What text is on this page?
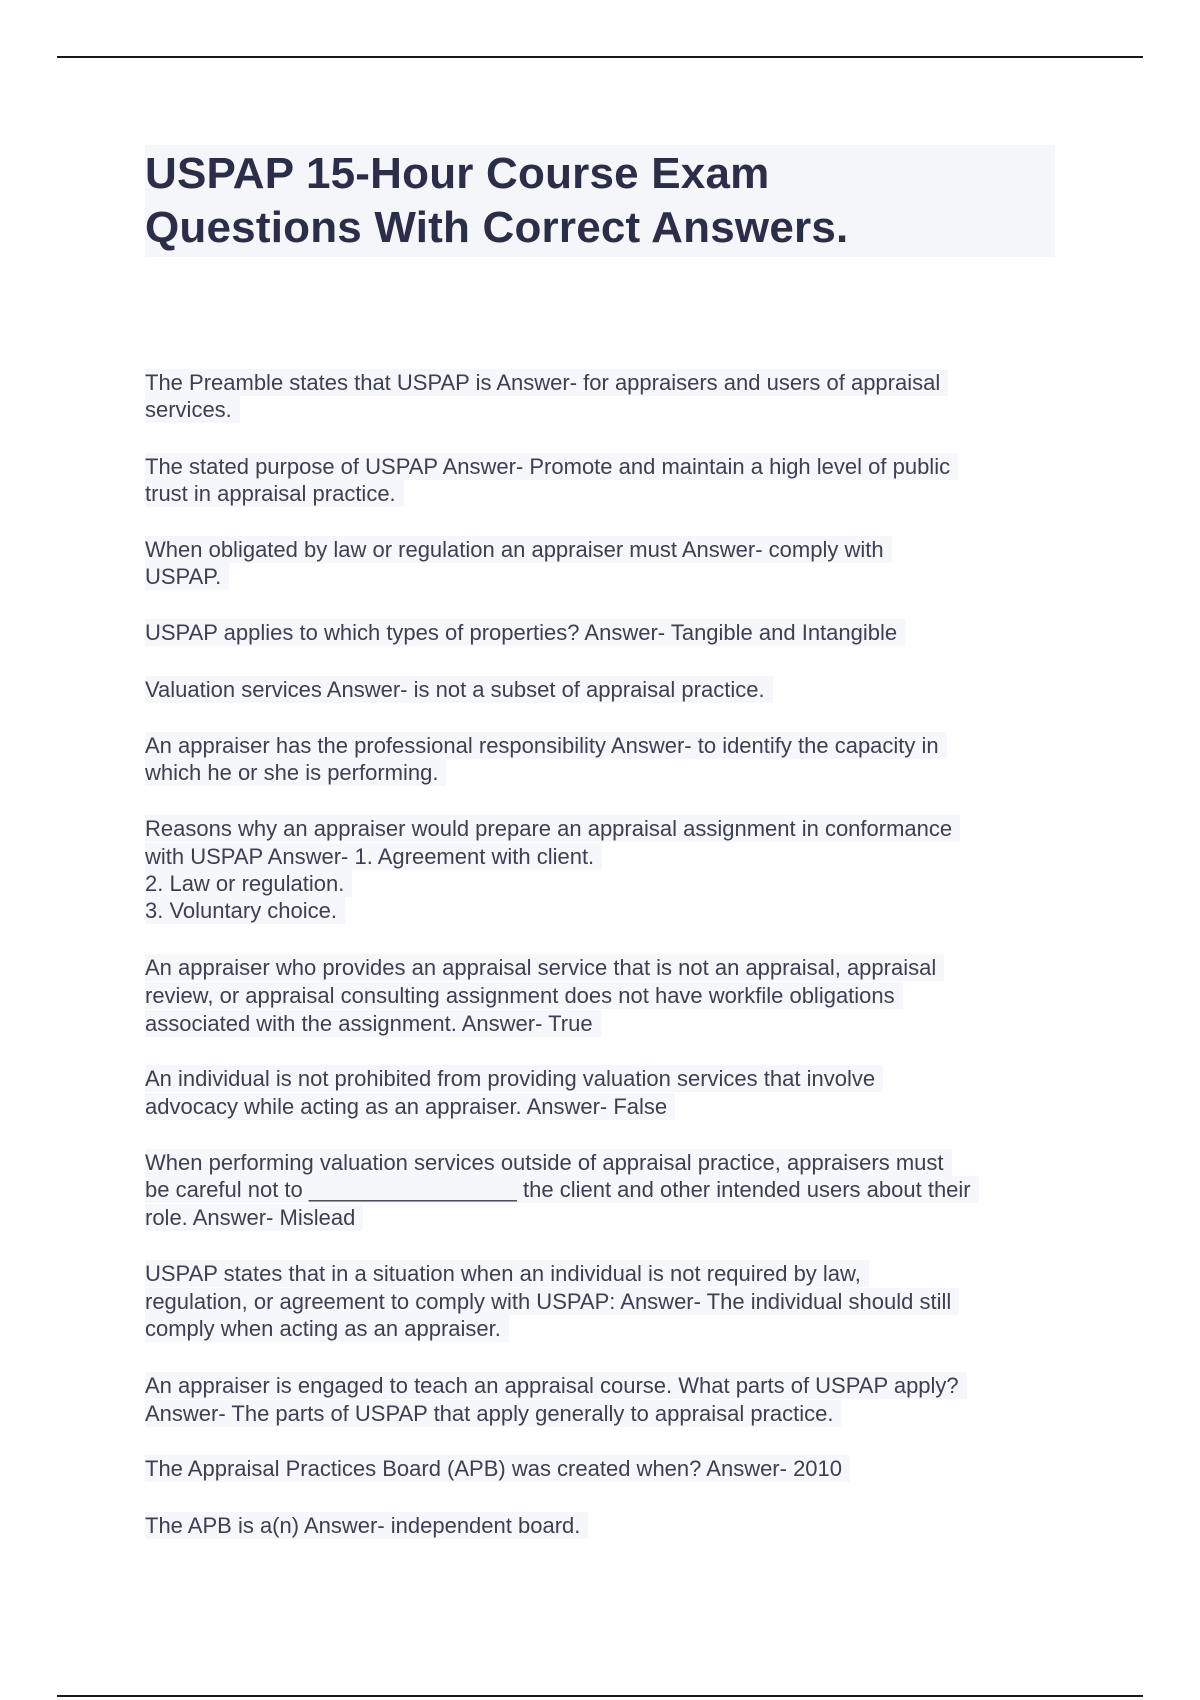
USPAP 15-Hour Course Exam
Questions With Correct Answers.
The Preamble states that USPAP is Answer- for appraisers and users of appraisal
services.
The stated purpose of USPAP Answer- Promote and maintain a high level of public
trust in appraisal practice.
When obligated by law or regulation an appraiser must Answer- comply with
USPAP.
USPAP applies to which types of properties? Answer- Tangible and Intangible
Valuation services Answer- is not a subset of appraisal practice.
An appraiser has the professional responsibility Answer- to identify the capacity in
which he or she is performing.
Reasons why an appraiser would prepare an appraisal assignment in conformance
with USPAP Answer- 1. Agreement with client.
2. Law or regulation.
3. Voluntary choice.
An appraiser who provides an appraisal service that is not an appraisal, appraisal
review, or appraisal consulting assignment does not have workfile obligations
associated with the assignment. Answer- True
An individual is not prohibited from providing valuation services that involve
advocacy while acting as an appraiser. Answer- False
When performing valuation services outside of appraisal practice, appraisers must
be careful not to _________________ the client and other intended users about their
role. Answer- Mislead
USPAP states that in a situation when an individual is not required by law,
regulation, or agreement to comply with USPAP: Answer- The individual should still
comply when acting as an appraiser.
An appraiser is engaged to teach an appraisal course. What parts of USPAP apply?
Answer- The parts of USPAP that apply generally to appraisal practice.
The Appraisal Practices Board (APB) was created when? Answer- 2010
The APB is a(n) Answer- independent board.
